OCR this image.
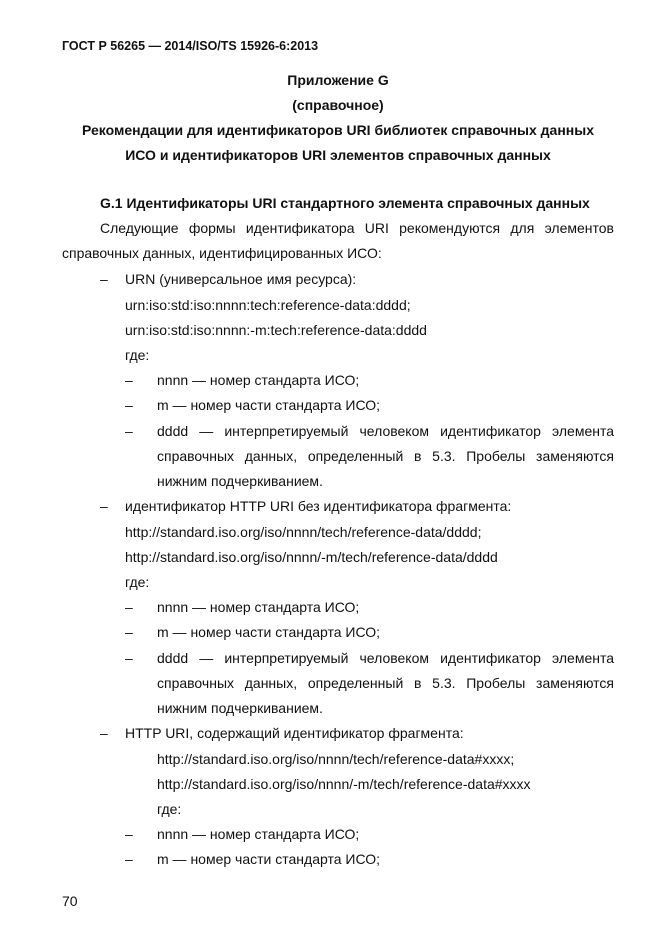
ГОСТ Р 56265 — 2014/ISO/TS 15926-6:2013
Приложение G
(справочное)
Рекомендации для идентификаторов URI библиотек справочных данных
ИСО и идентификаторов URI элементов справочных данных
G.1 Идентификаторы URI стандартного элемента справочных данных
Следующие формы идентификатора URI рекомендуются для элементов
справочных данных, идентифицированных ИСО:
– URN (универсальное имя ресурса):
urn:iso:std:iso:nnnn:tech:reference-data:dddd;
urn:iso:std:iso:nnnn:-m:tech:reference-data:dddd
где:
– nnnn — номер стандарта ИСО;
– m — номер части стандарта ИСО;
– dddd — интерпретируемый человеком идентификатор элемента
справочных данных, определенный в 5.3. Пробелы заменяются
нижним подчеркиванием.
– идентификатор HTTP URI без идентификатора фрагмента:
http://standard.iso.org/iso/nnnn/tech/reference-data/dddd;
http://standard.iso.org/iso/nnnn/-m/tech/reference-data/dddd
где:
– nnnn — номер стандарта ИСО;
– m — номер части стандарта ИСО;
– dddd — интерпретируемый человеком идентификатор элемента
справочных данных, определенный в 5.3. Пробелы заменяются
нижним подчеркиванием.
– HTTP URI, содержащий идентификатор фрагмента:
http://standard.iso.org/iso/nnnn/tech/reference-data#xxxx;
http://standard.iso.org/iso/nnnn/-m/tech/reference-data#xxxx
где:
– nnnn — номер стандарта ИСО;
– m — номер части стандарта ИСО;
70
